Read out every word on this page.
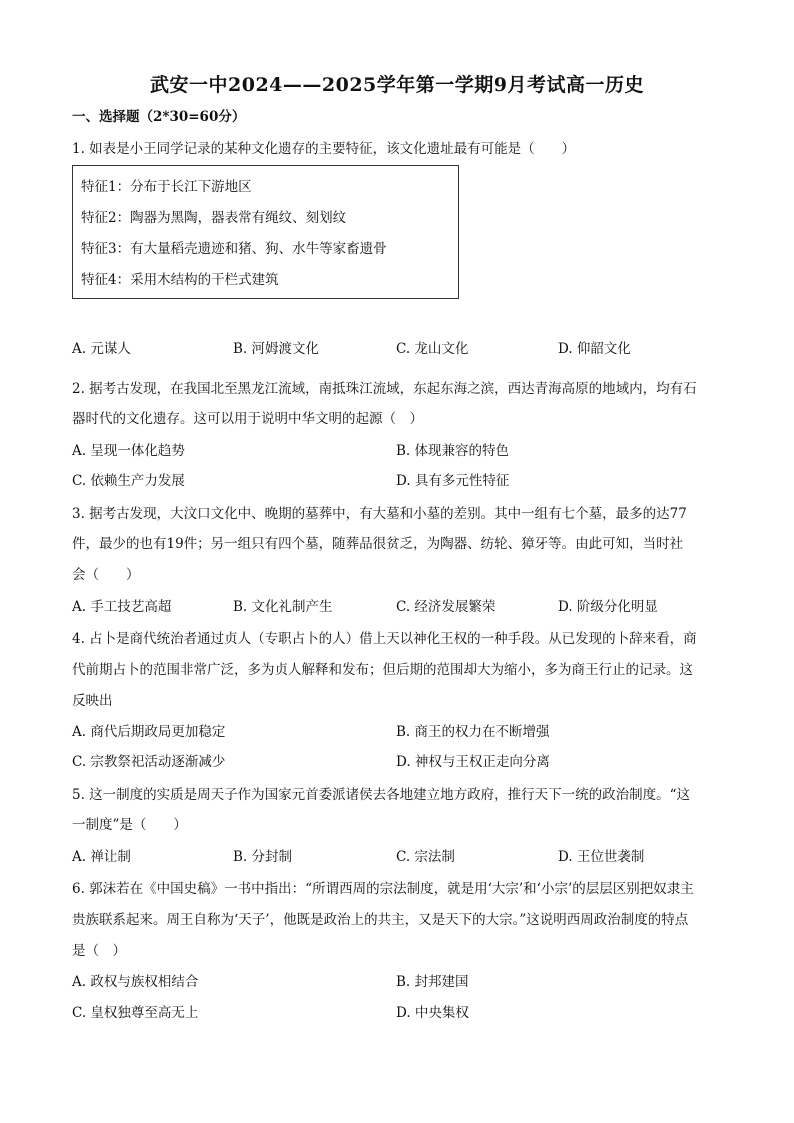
武安一中2024——2025学年第一学期9月考试高一历史
一、选择题（2*30=60分）
1. 如表是小王同学记录的某种文化遗存的主要特征，该文化遗址最有可能是（　　）
特征1：分布于长江下游地区
特征2：陶器为黑陶，器表常有绳纹、刻划纹
特征3：有大量稻壳遗迹和猪、狗、水牛等家畜遗骨
特征4：采用木结构的干栏式建筑
A. 元谋人	B. 河姆渡文化	C. 龙山文化	D. 仰韶文化
2. 据考古发现，在我国北至黑龙江流域，南抵珠江流域，东起东海之滨，西达青海高原的地域内，均有石
器时代的文化遗存。这可以用于说明中华文明的起源（　）
A. 呈现一体化趋势	B. 体现兼容的特色
C. 依赖生产力发展	D. 具有多元性特征
3. 据考古发现，大汶口文化中、晚期的墓葬中，有大墓和小墓的差别。其中一组有七个墓，最多的达77
件，最少的也有19件；另一组只有四个墓，随葬品很贫乏，为陶器、纺轮、獐牙等。由此可知，当时社
会（　　）
A. 手工技艺高超	B. 文化礼制产生	C. 经济发展繁荣	D. 阶级分化明显
4. 占卜是商代统治者通过贞人（专职占卜的人）借上天以神化王权的一种手段。从已发现的卜辞来看，商
代前期占卜的范围非常广泛，多为贞人解释和发布；但后期的范围却大为缩小，多为商王行止的记录。这
反映出
A. 商代后期政局更加稳定	B. 商王的权力在不断增强
C. 宗教祭祀活动逐渐减少	D. 神权与王权正走向分离
5. 这一制度的实质是周天子作为国家元首委派诸侯去各地建立地方政府，推行天下一统的政治制度。“这
一制度”是（　　）
A. 禅让制	B. 分封制	C. 宗法制	D. 王位世袭制
6. 郭沫若在《中国史稿》一书中指出：“所谓西周的宗法制度，就是用‘大宗’和‘小宗’的层层区别把奴隶主
贵族联系起来。周王自称为‘天子’，他既是政治上的共主，又是天下的大宗。”这说明西周政治制度的特点
是（　）
A. 政权与族权相结合	B. 封邦建国
C. 皇权独尊至高无上	D. 中央集权
